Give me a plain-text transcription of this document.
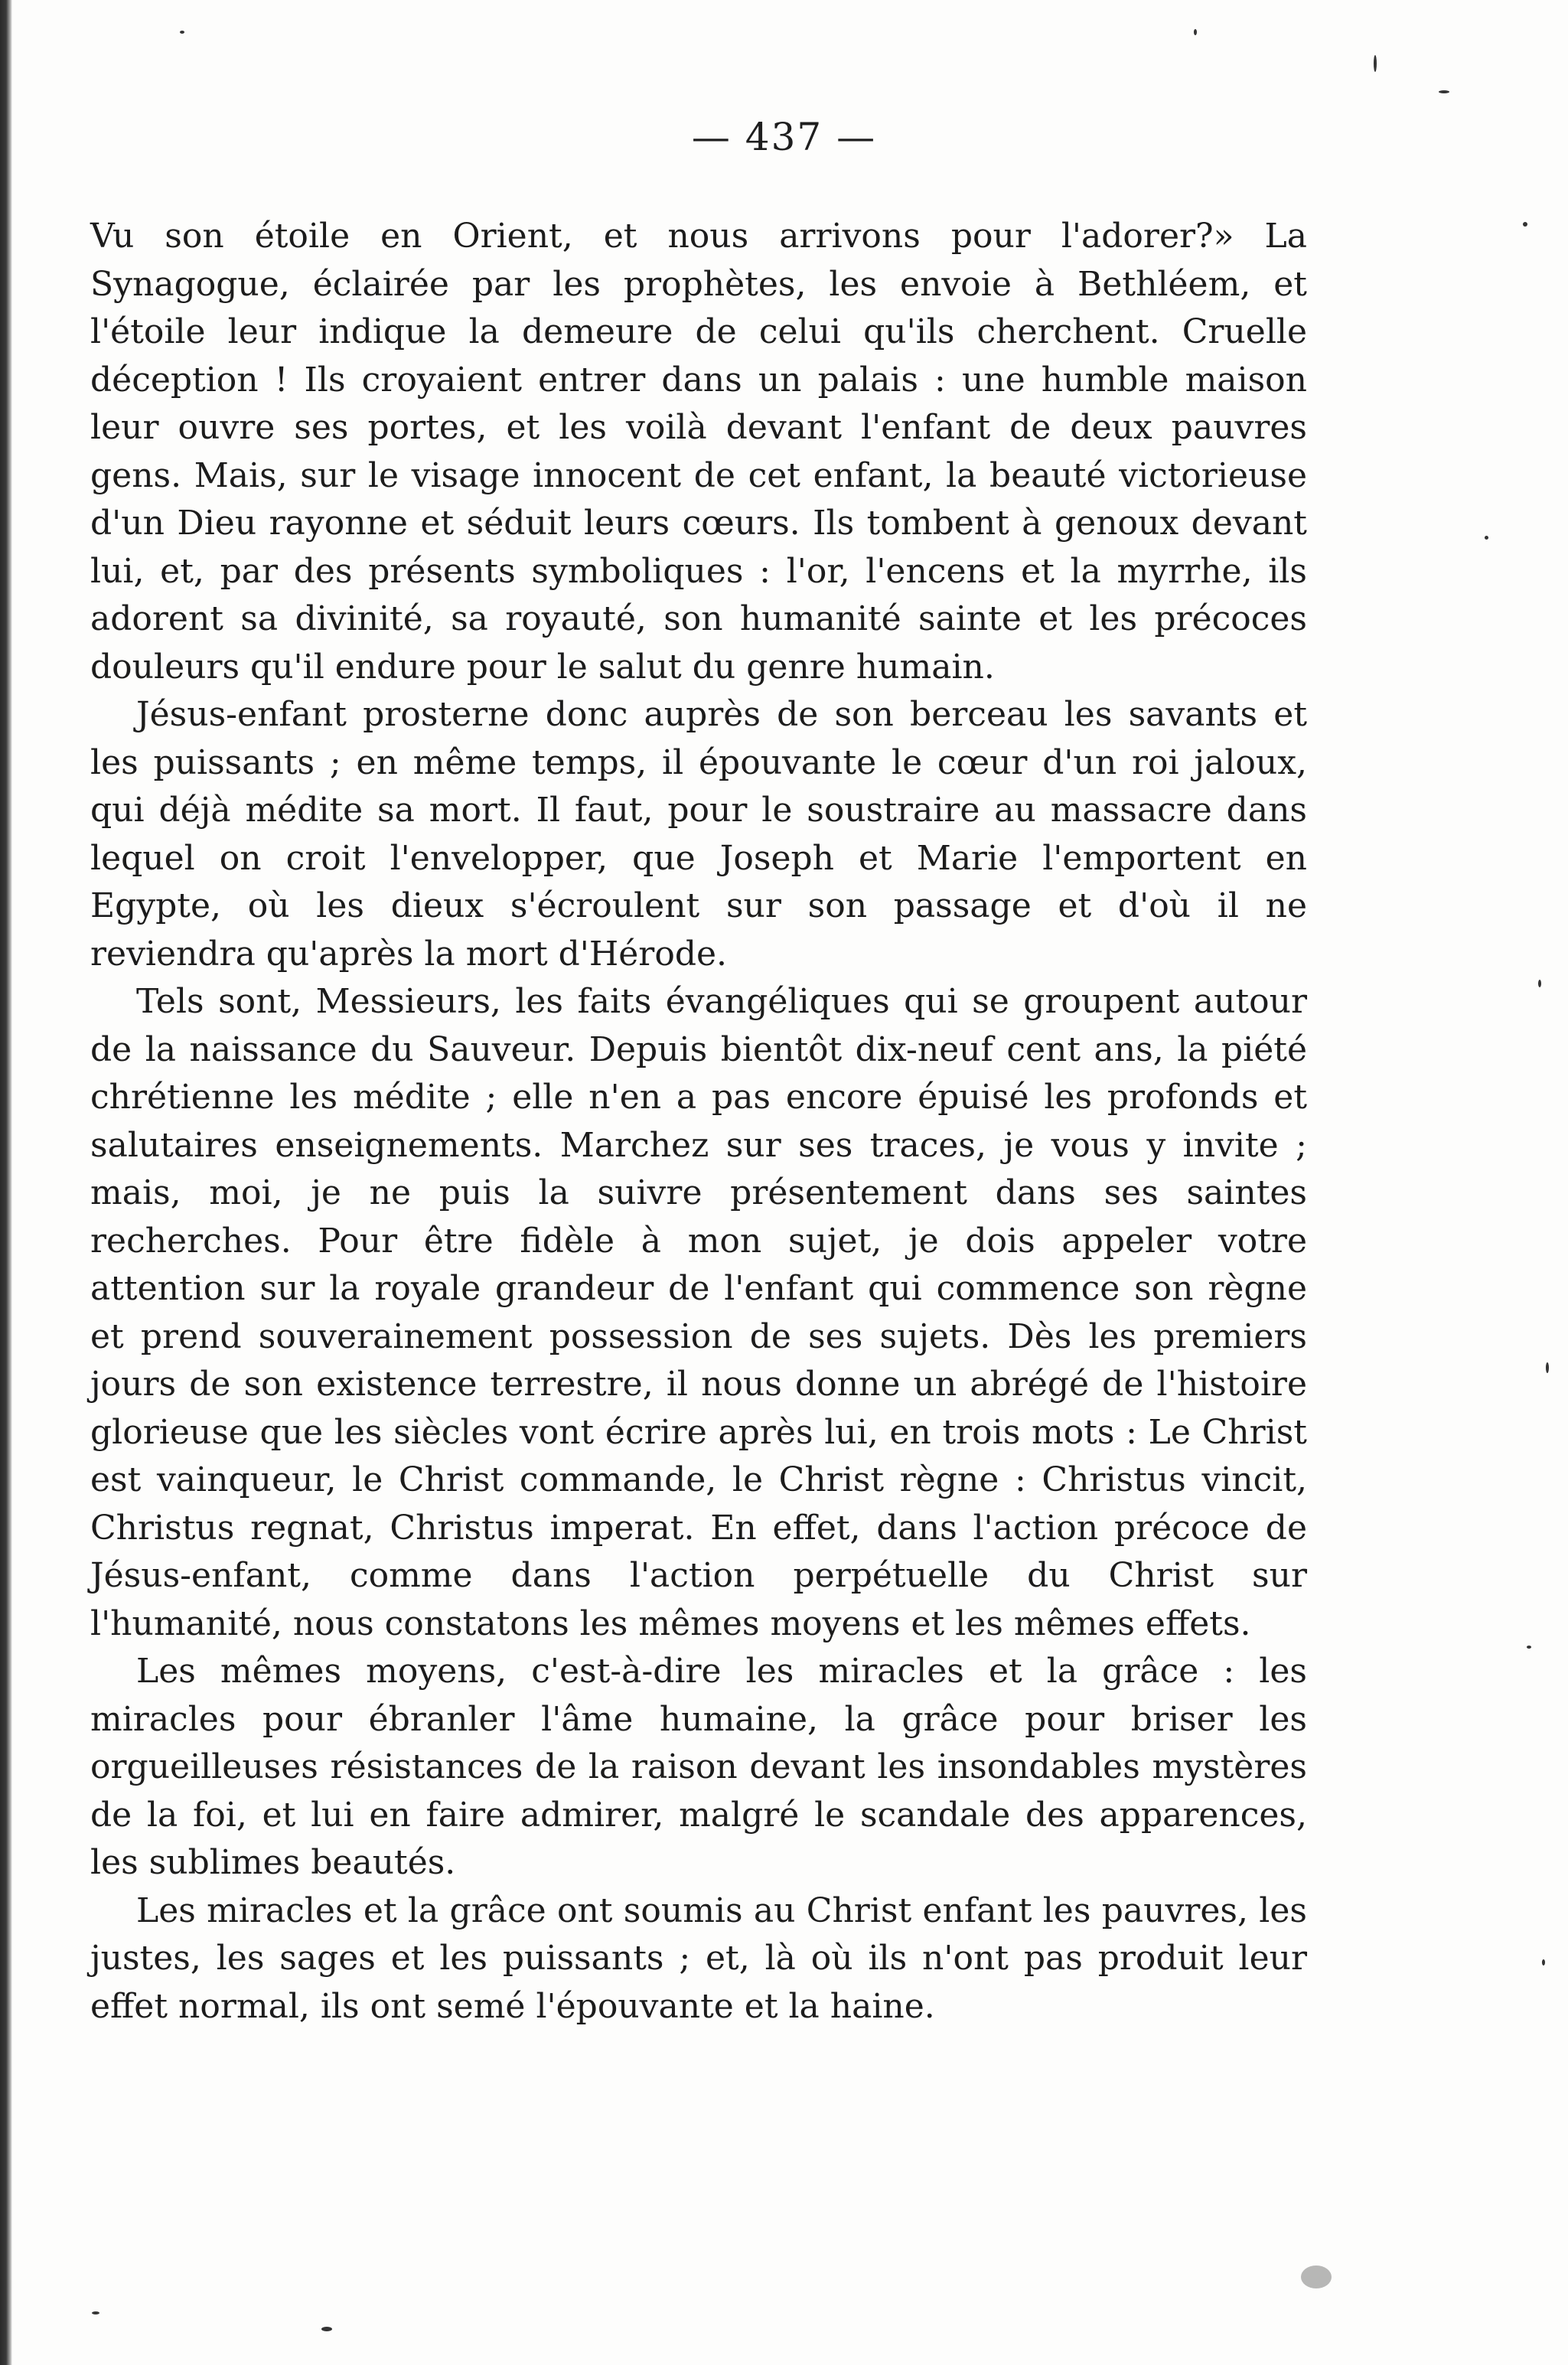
— 437 —

Vu son étoile en Orient, et nous arrivons pour l'adorer?» La Synagogue, éclairée par les prophètes, les envoie à Bethléem, et l'étoile leur indique la demeure de celui qu'ils cherchent. Cruelle déception ! Ils croyaient entrer dans un palais : une humble maison leur ouvre ses portes, et les voilà devant l'enfant de deux pauvres gens. Mais, sur le visage innocent de cet enfant, la beauté victorieuse d'un Dieu rayonne et séduit leurs cœurs. Ils tombent à genoux devant lui, et, par des présents symboliques : l'or, l'encens et la myrrhe, ils adorent sa divinité, sa royauté, son humanité sainte et les précoces douleurs qu'il endure pour le salut du genre humain.

Jésus-enfant prosterne donc auprès de son berceau les savants et les puissants ; en même temps, il épouvante le cœur d'un roi jaloux, qui déjà médite sa mort. Il faut, pour le soustraire au massacre dans lequel on croit l'envelopper, que Joseph et Marie l'emportent en Egypte, où les dieux s'écroulent sur son passage et d'où il ne reviendra qu'après la mort d'Hérode.

Tels sont, Messieurs, les faits évangéliques qui se groupent autour de la naissance du Sauveur. Depuis bientôt dix-neuf cent ans, la piété chrétienne les médite ; elle n'en a pas encore épuisé les profonds et salutaires enseignements. Marchez sur ses traces, je vous y invite ; mais, moi, je ne puis la suivre présentement dans ses saintes recherches. Pour être fidèle à mon sujet, je dois appeler votre attention sur la royale grandeur de l'enfant qui commence son règne et prend souverainement possession de ses sujets. Dès les premiers jours de son existence terrestre, il nous donne un abrégé de l'histoire glorieuse que les siècles vont écrire après lui, en trois mots : Le Christ est vainqueur, le Christ commande, le Christ règne : Christus vincit, Christus regnat, Christus imperat. En effet, dans l'action précoce de Jésus-enfant, comme dans l'action perpétuelle du Christ sur l'humanité, nous constatons les mêmes moyens et les mêmes effets.

Les mêmes moyens, c'est-à-dire les miracles et la grâce : les miracles pour ébranler l'âme humaine, la grâce pour briser les orgueilleuses résistances de la raison devant les insondables mystères de la foi, et lui en faire admirer, malgré le scandale des apparences, les sublimes beautés.

Les miracles et la grâce ont soumis au Christ enfant les pauvres, les justes, les sages et les puissants ; et, là où ils n'ont pas produit leur effet normal, ils ont semé l'épouvante et la haine.
